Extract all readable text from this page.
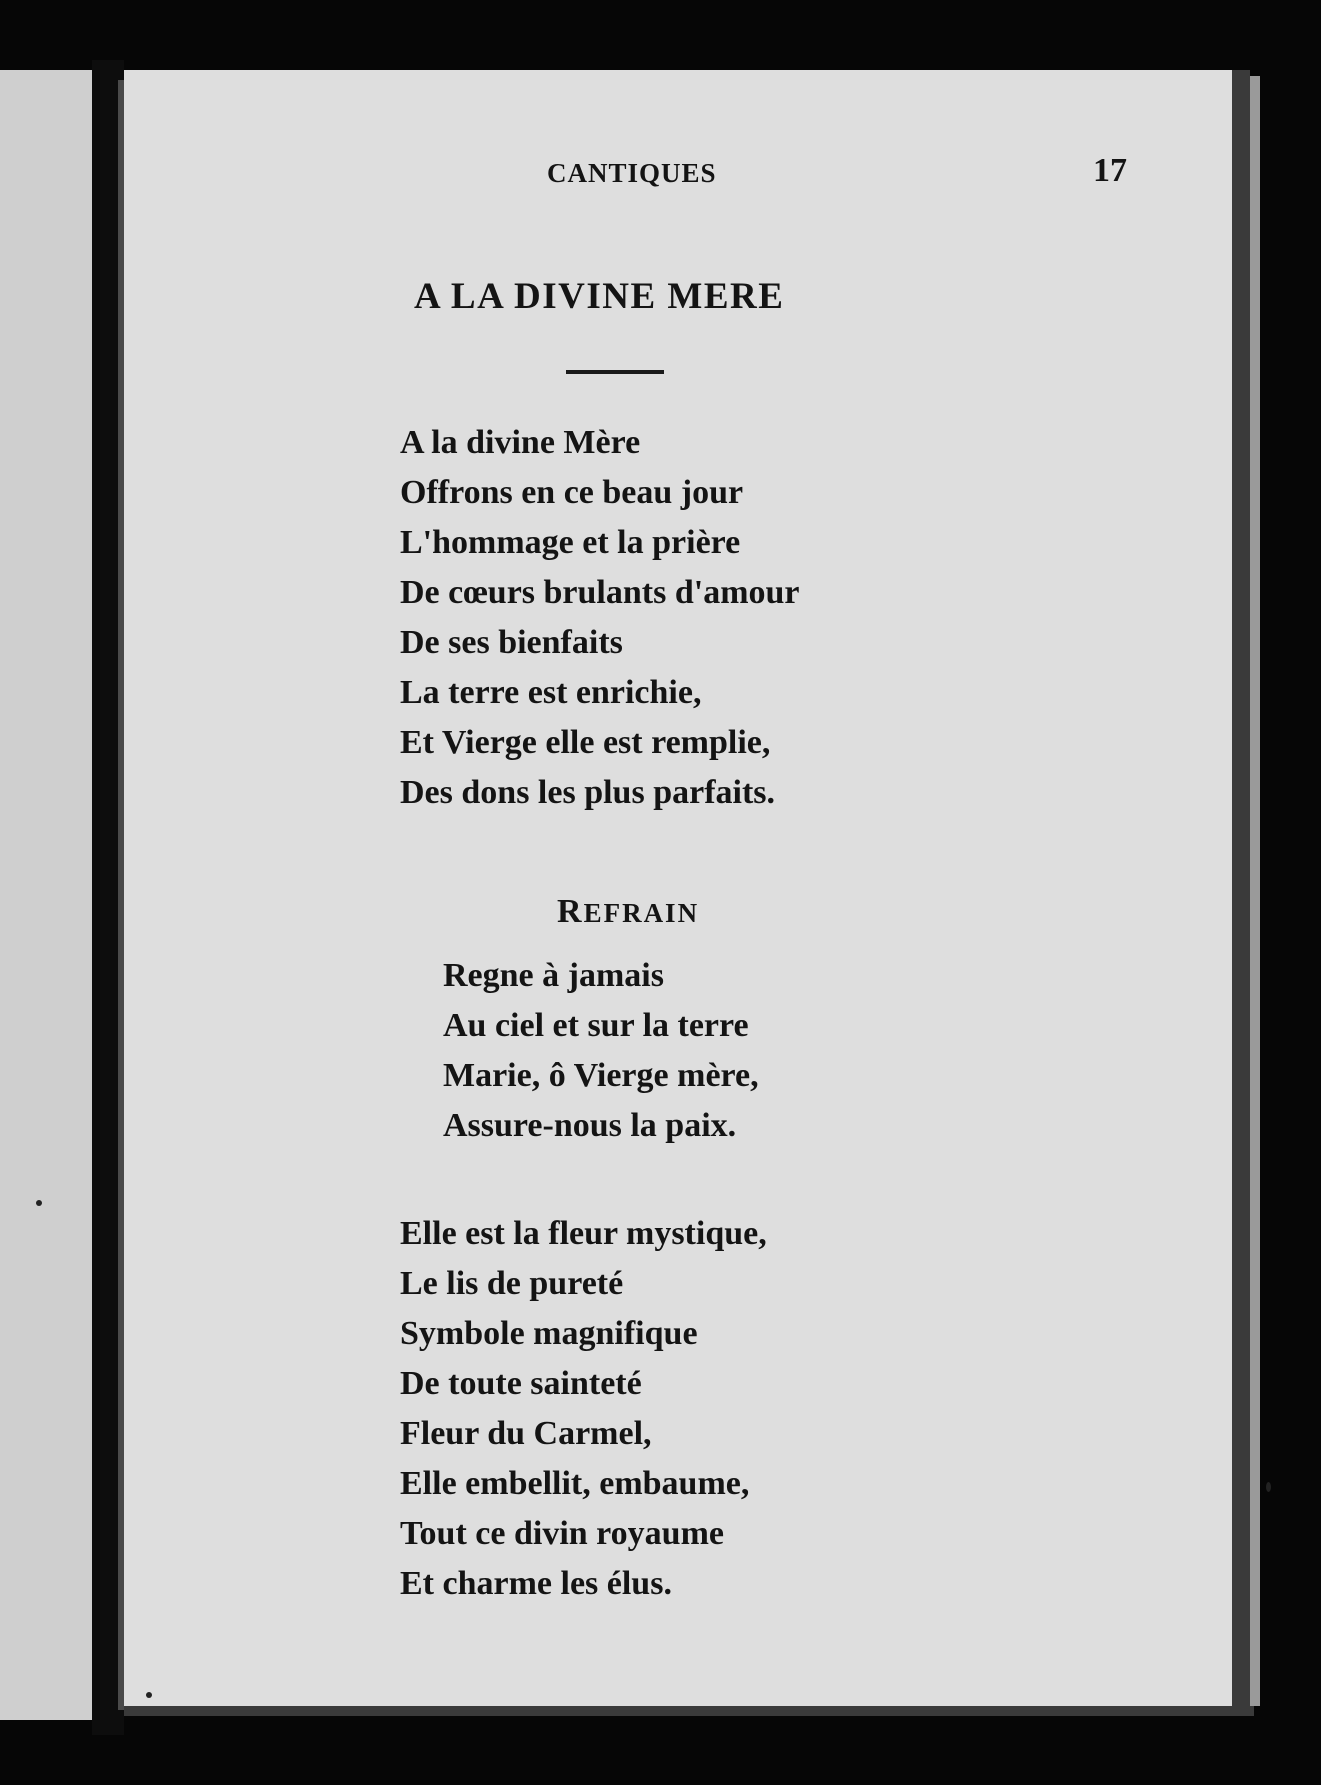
CANTIQUES	17
A LA DIVINE MERE
A la divine Mère
Offrons en ce beau jour
L'hommage et la prière
De cœurs brulants d'amour
De ses bienfaits
La terre est enrichie,
Et Vierge elle est remplie,
Des dons les plus parfaits.
REFRAIN
Regne à jamais
Au ciel et sur la terre
Marie, ô Vierge mère,
Assure-nous la paix.
Elle est la fleur mystique,
Le lis de pureté
Symbole magnifique
De toute sainteté
Fleur du Carmel,
Elle embellit, embaume,
Tout ce divin royaume
Et charme les élus.
